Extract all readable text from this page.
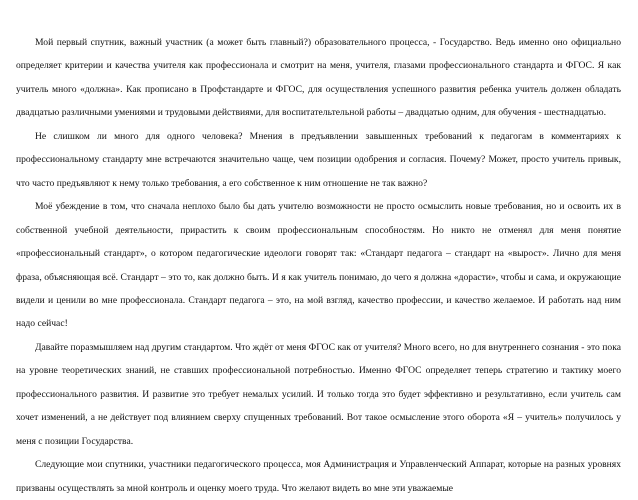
Мой первый спутник, важный участник (а может быть главный?) образовательного процесса, - Государство. Ведь именно оно официально определяет критерии и качества учителя как профессионала и смотрит на меня, учителя, глазами профессионального стандарта и ФГОС. Я как учитель много «должна». Как прописано в Профстандарте и ФГОС, для осуществления успешного развития ребенка учитель должен обладать двадцатью различными умениями и трудовыми действиями, для воспитательтельной работы – двадцатью одним, для обучения - шестнадцатью.

Не слишком ли много для одного человека? Мнения в предъявлении завышенных требований к педагогам в комментариях к профессиональному стандарту мне встречаются значительно чаще, чем позиции одобрения и согласия. Почему? Может, просто учитель привык, что часто предъявляют к нему только требования, а его собственное к ним отношение не так важно?

Моё убеждение в том, что сначала неплохо было бы дать учителю возможности не просто осмыслить новые требования, но и освоить их в собственной учебной деятельности, прирастить к своим профессиональным способностям. Но никто не отменял для меня понятие «профессиональный стандарт», о котором педагогические идеологи говорят так: «Стандарт педагога – стандарт на «вырост». Лично для меня фраза, объясняющая всё. Стандарт – это то, как должно быть. И я как учитель понимаю, до чего я должна «дорасти», чтобы и сама, и окружающие видели и ценили во мне профессионала. Стандарт педагога – это, на мой взгляд, качество профессии, и качество желаемое. И работать над ним надо сейчас!

Давайте поразмышляем над другим стандартом. Что ждёт от меня ФГОС как от учителя? Много всего, но для внутреннего сознания - это пока на уровне теоретических знаний, не ставших профессиональной потребностью. Именно ФГОС определяет теперь стратегию и тактику моего профессионального развития. И развитие это требует немалых усилий. И только тогда это будет эффективно и результативно, если учитель сам хочет изменений, а не действует под влиянием сверху спущенных требований. Вот такое осмысление этого оборота «Я – учитель» получилось у меня с позиции Государства.

Следующие мои спутники, участники педагогического процесса, моя Администрация и Управленческий Аппарат, которые на разных уровнях призваны осуществлять за мной контроль и оценку моего труда. Что желают видеть во мне эти уважаемые
